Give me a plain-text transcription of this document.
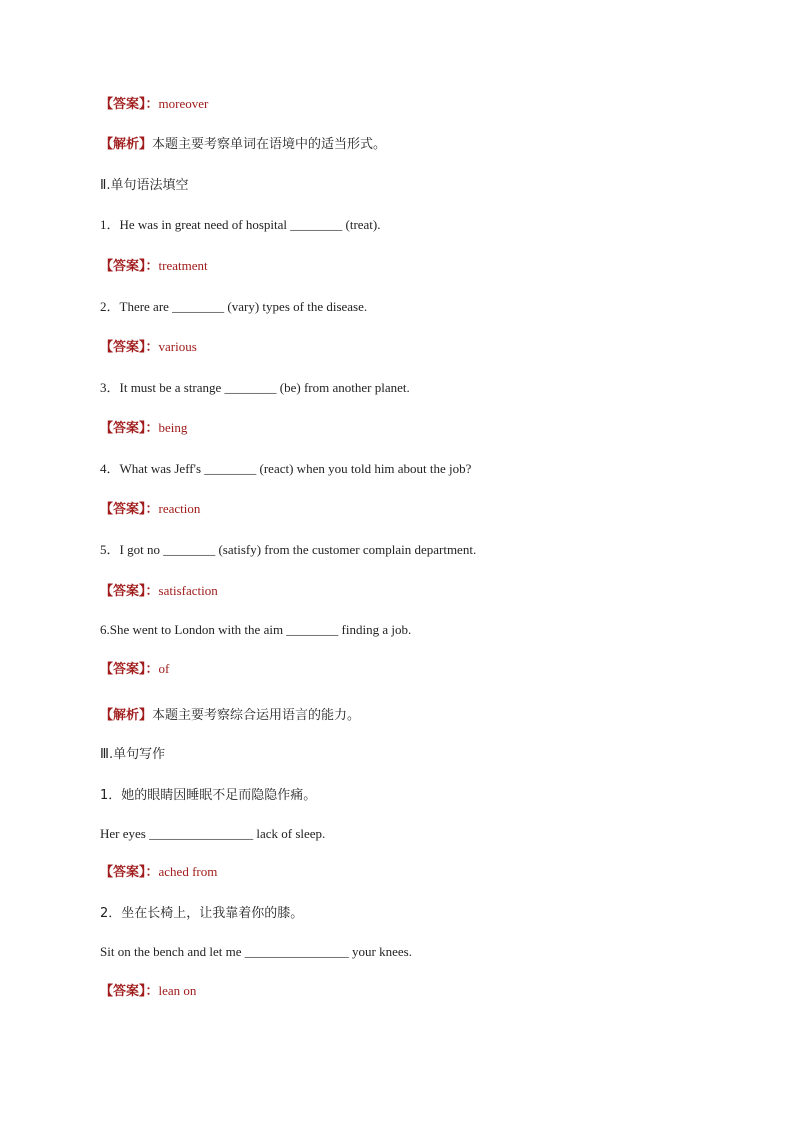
【答案】：moreover
【解析】本题主要考察单词在语境中的适当形式。
Ⅱ.单句语法填空
1．He was in great need of hospital ________ (treat).
【答案】：treatment
2．There are ________ (vary) types of the disease.
【答案】：various
3．It must be a strange ________ (be) from another planet.
【答案】：being
4．What was Jeff's ________ (react) when you told him about the job?
【答案】：reaction
5．I got no ________ (satisfy) from the customer complain department.
【答案】：satisfaction
6.She went to London with the aim ________ finding a job.
【答案】：of
【解析】本题主要考察综合运用语言的能力。
Ⅲ.单句写作
1．她的眼睛因睡眠不足而隐隐作痛。
Her eyes ________________ lack of sleep.
【答案】：ached from
2．坐在长椅上，让我靠着你的膝。
Sit on the bench and let me ________________ your knees.
【答案】：lean on
